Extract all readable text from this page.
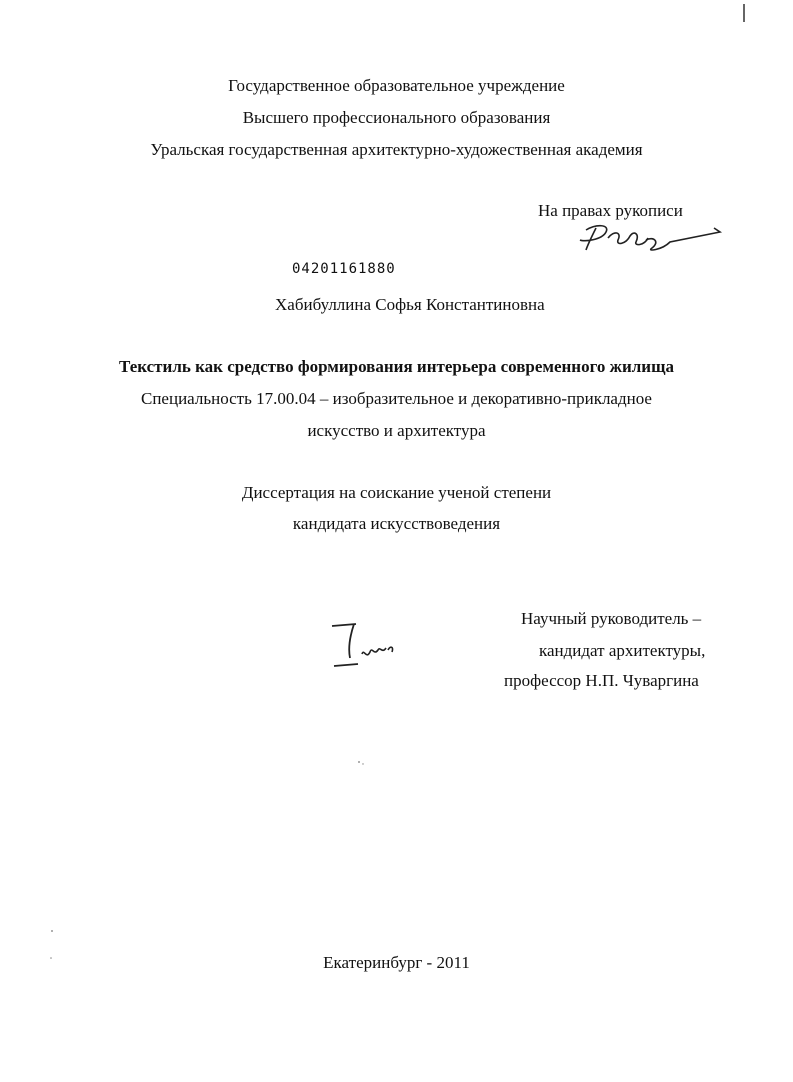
Государственное образовательное учреждение
Высшего профессионального образования
Уральская государственная архитектурно-художественная академия
На правах рукописи
04201161880
Хабибуллина Софья Константиновна
Текстиль как средство формирования интерьера современного жилища
Специальность 17.00.04 – изобразительное и декоративно-прикладное
искусство и архитектура
Диссертация на соискание ученой степени
кандидата искусствоведения
Научный руководитель –
кандидат архитектуры,
профессор Н.П. Чуваргина
Екатеринбург - 2011
